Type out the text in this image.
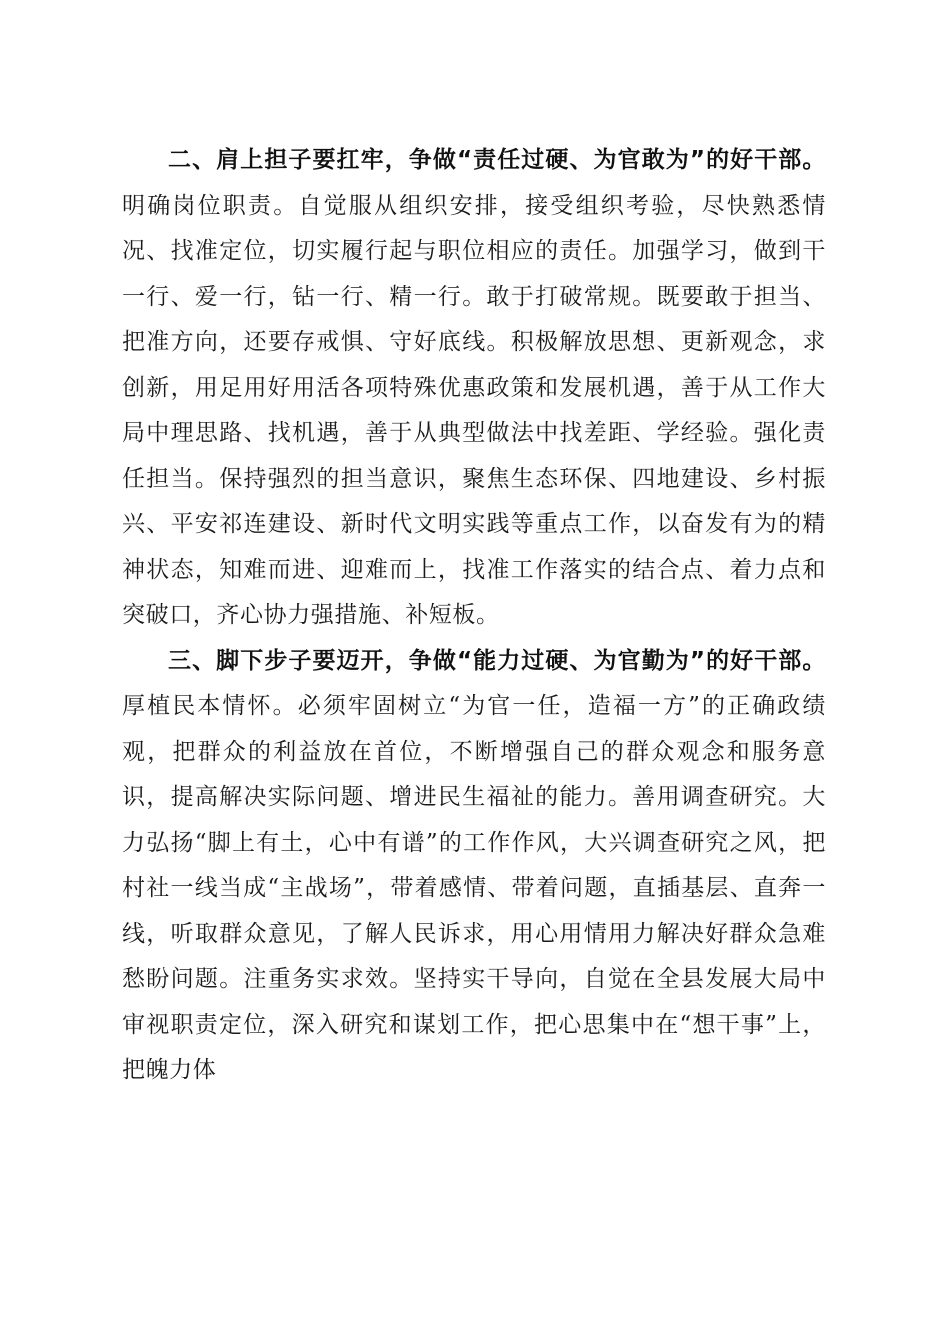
二、肩上担子要扛牢，争做“责任过硬、为官敢为”的好干部。明确岗位职责。自觉服从组织安排，接受组织考验，尽快熟悉情况、找准定位，切实履行起与职位相应的责任。加强学习，做到干一行、爱一行，钻一行、精一行。敢于打破常规。既要敢于担当、把准方向，还要存戒惧、守好底线。积极解放思想、更新观念，求创新，用足用好用活各项特殊优惠政策和发展机遇，善于从工作大局中理思路、找机遇，善于从典型做法中找差距、学经验。强化责任担当。保持强烈的担当意识，聚焦生态环保、四地建设、乡村振兴、平安祁连建设、新时代文明实践等重点工作，以奋发有为的精神状态，知难而进、迎难而上，找准工作落实的结合点、着力点和突破口，齐心协力强措施、补短板。

三、脚下步子要迈开，争做“能力过硬、为官勤为”的好干部。厚植民本情怀。必须牢固树立“为官一任，造福一方”的正确政绩观，把群众的利益放在首位，不断增强自己的群众观念和服务意识，提高解决实际问题、增进民生福祉的能力。善用调查研究。大力弘扬“脚上有土，心中有谱”的工作作风，大兴调查研究之风，把村社一线当成“主战场”，带着感情、带着问题，直插基层、直奔一线，听取群众意见，了解人民诉求，用心用情用力解决好群众急难愁盼问题。注重务实求效。坚持实干导向，自觉在全县发展大局中审视职责定位，深入研究和谋划工作，把心思集中在“想干事”上，把魄力体
